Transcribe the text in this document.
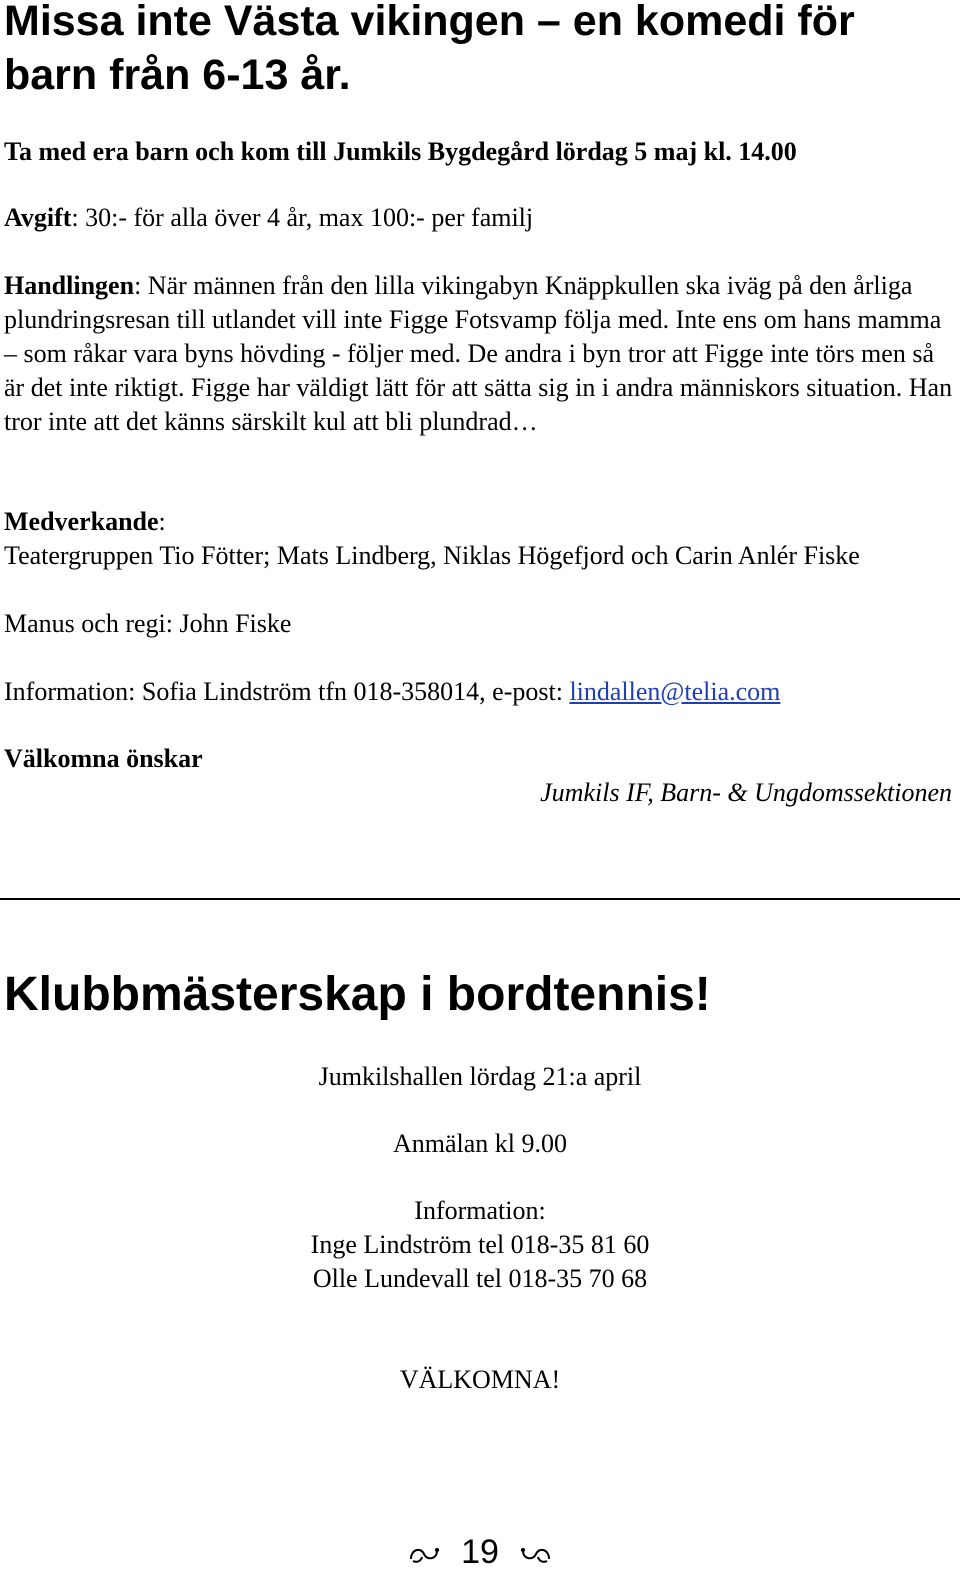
Missa inte Västa vikingen – en komedi för barn från 6-13 år.
Ta med era barn och kom till Jumkils Bygdegård lördag 5 maj kl. 14.00
Avgift: 30:- för alla över 4 år, max 100:- per familj
Handlingen: När männen från den lilla vikingabyn Knäppkullen ska iväg på den årliga plundringsresan till utlandet vill inte Figge Fotsvamp följa med. Inte ens om hans mamma – som råkar vara byns hövding - följer med. De andra i byn tror att Figge inte törs men så är det inte riktigt. Figge har väldigt lätt för att sätta sig in i andra människors situation. Han tror inte att det känns särskilt kul att bli plundrad…
Medverkande:
Teatergruppen Tio Fötter; Mats Lindberg, Niklas Högefjord och Carin Anlér Fiske
Manus och regi: John Fiske
Information: Sofia Lindström tfn 018-358014, e-post: lindallen@telia.com
Välkomna önskar
Jumkils IF, Barn- & Ungdomssektionen
Klubbmästerskap i bordtennis!
Jumkilshallen lördag 21:a april
Anmälan kl 9.00
Information:
Inge Lindström tel 018-35 81 60
Olle Lundevall tel 018-35 70 68
VÄLKOMNA!
19
